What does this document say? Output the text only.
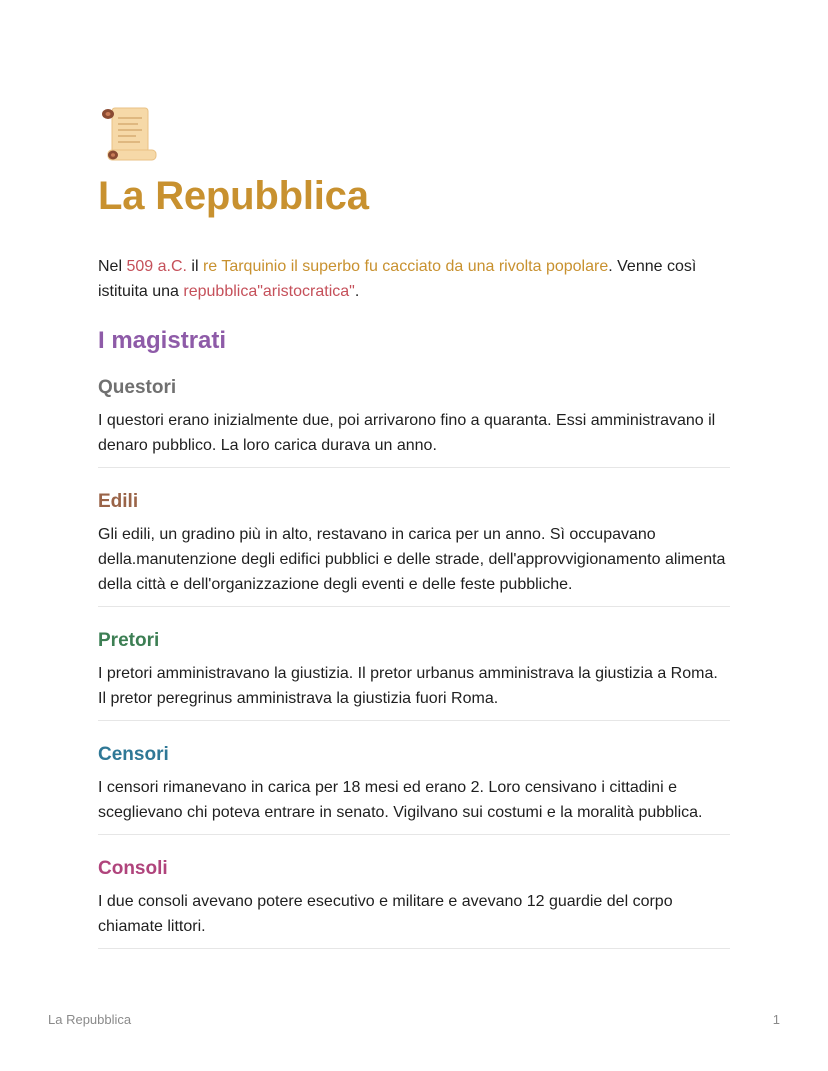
La Repubblica

Nel 509 a.C. il re Tarquinio il superbo fu cacciato da una rivolta popolare. Venne così istituita una repubblica"aristocratica".

I magistrati
Questori

I questori erano inizialmente due, poi arrivarono fino a quaranta. Essi amministravano il denaro pubblico. La loro carica durava un anno.

Edili

Gli edili, un gradino più in alto, restavano in carica per un anno. Sì occupavano della.manutenzione degli edifici pubblici e delle strade, dell'approvvigionamento alimenta della città e dell'organizzazione degli eventi e delle feste pubbliche.

Pretori

I pretori amministravano la giustizia. Il pretor urbanus amministrava la giustizia a Roma. Il pretor peregrinus amministrava la giustizia fuori Roma.

Censori

I censori rimanevano in carica per 18 mesi ed erano 2. Loro censivano i cittadini e sceglievano chi poteva entrare in senato. Vigilvano sui costumi e la moralità pubblica.

Consoli

I due consoli avevano potere esecutivo e militare e avevano 12 guardie del corpo chiamate littori.

La Repubblica	1
